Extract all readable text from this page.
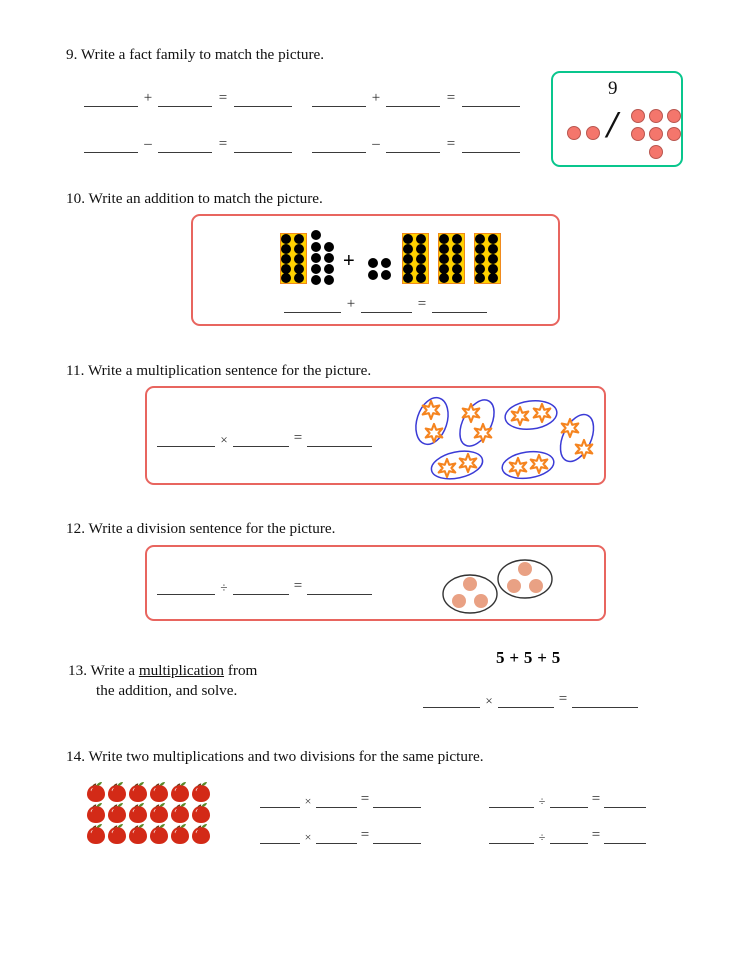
9. Write a fact family to match the picture.
+	=	+	=
–	=	–	=
9
/
10. Write an addition to match the picture.
+
+	=
11. Write a multiplication sentence for the picture.
×	=
12. Write a division sentence for the picture.
÷	=
13. Write a multiplication from

the addition, and solve.
5 + 5 + 5
×	=
14. Write two multiplications and two divisions for the same picture.
×	=	÷	=
×	=	÷	=
